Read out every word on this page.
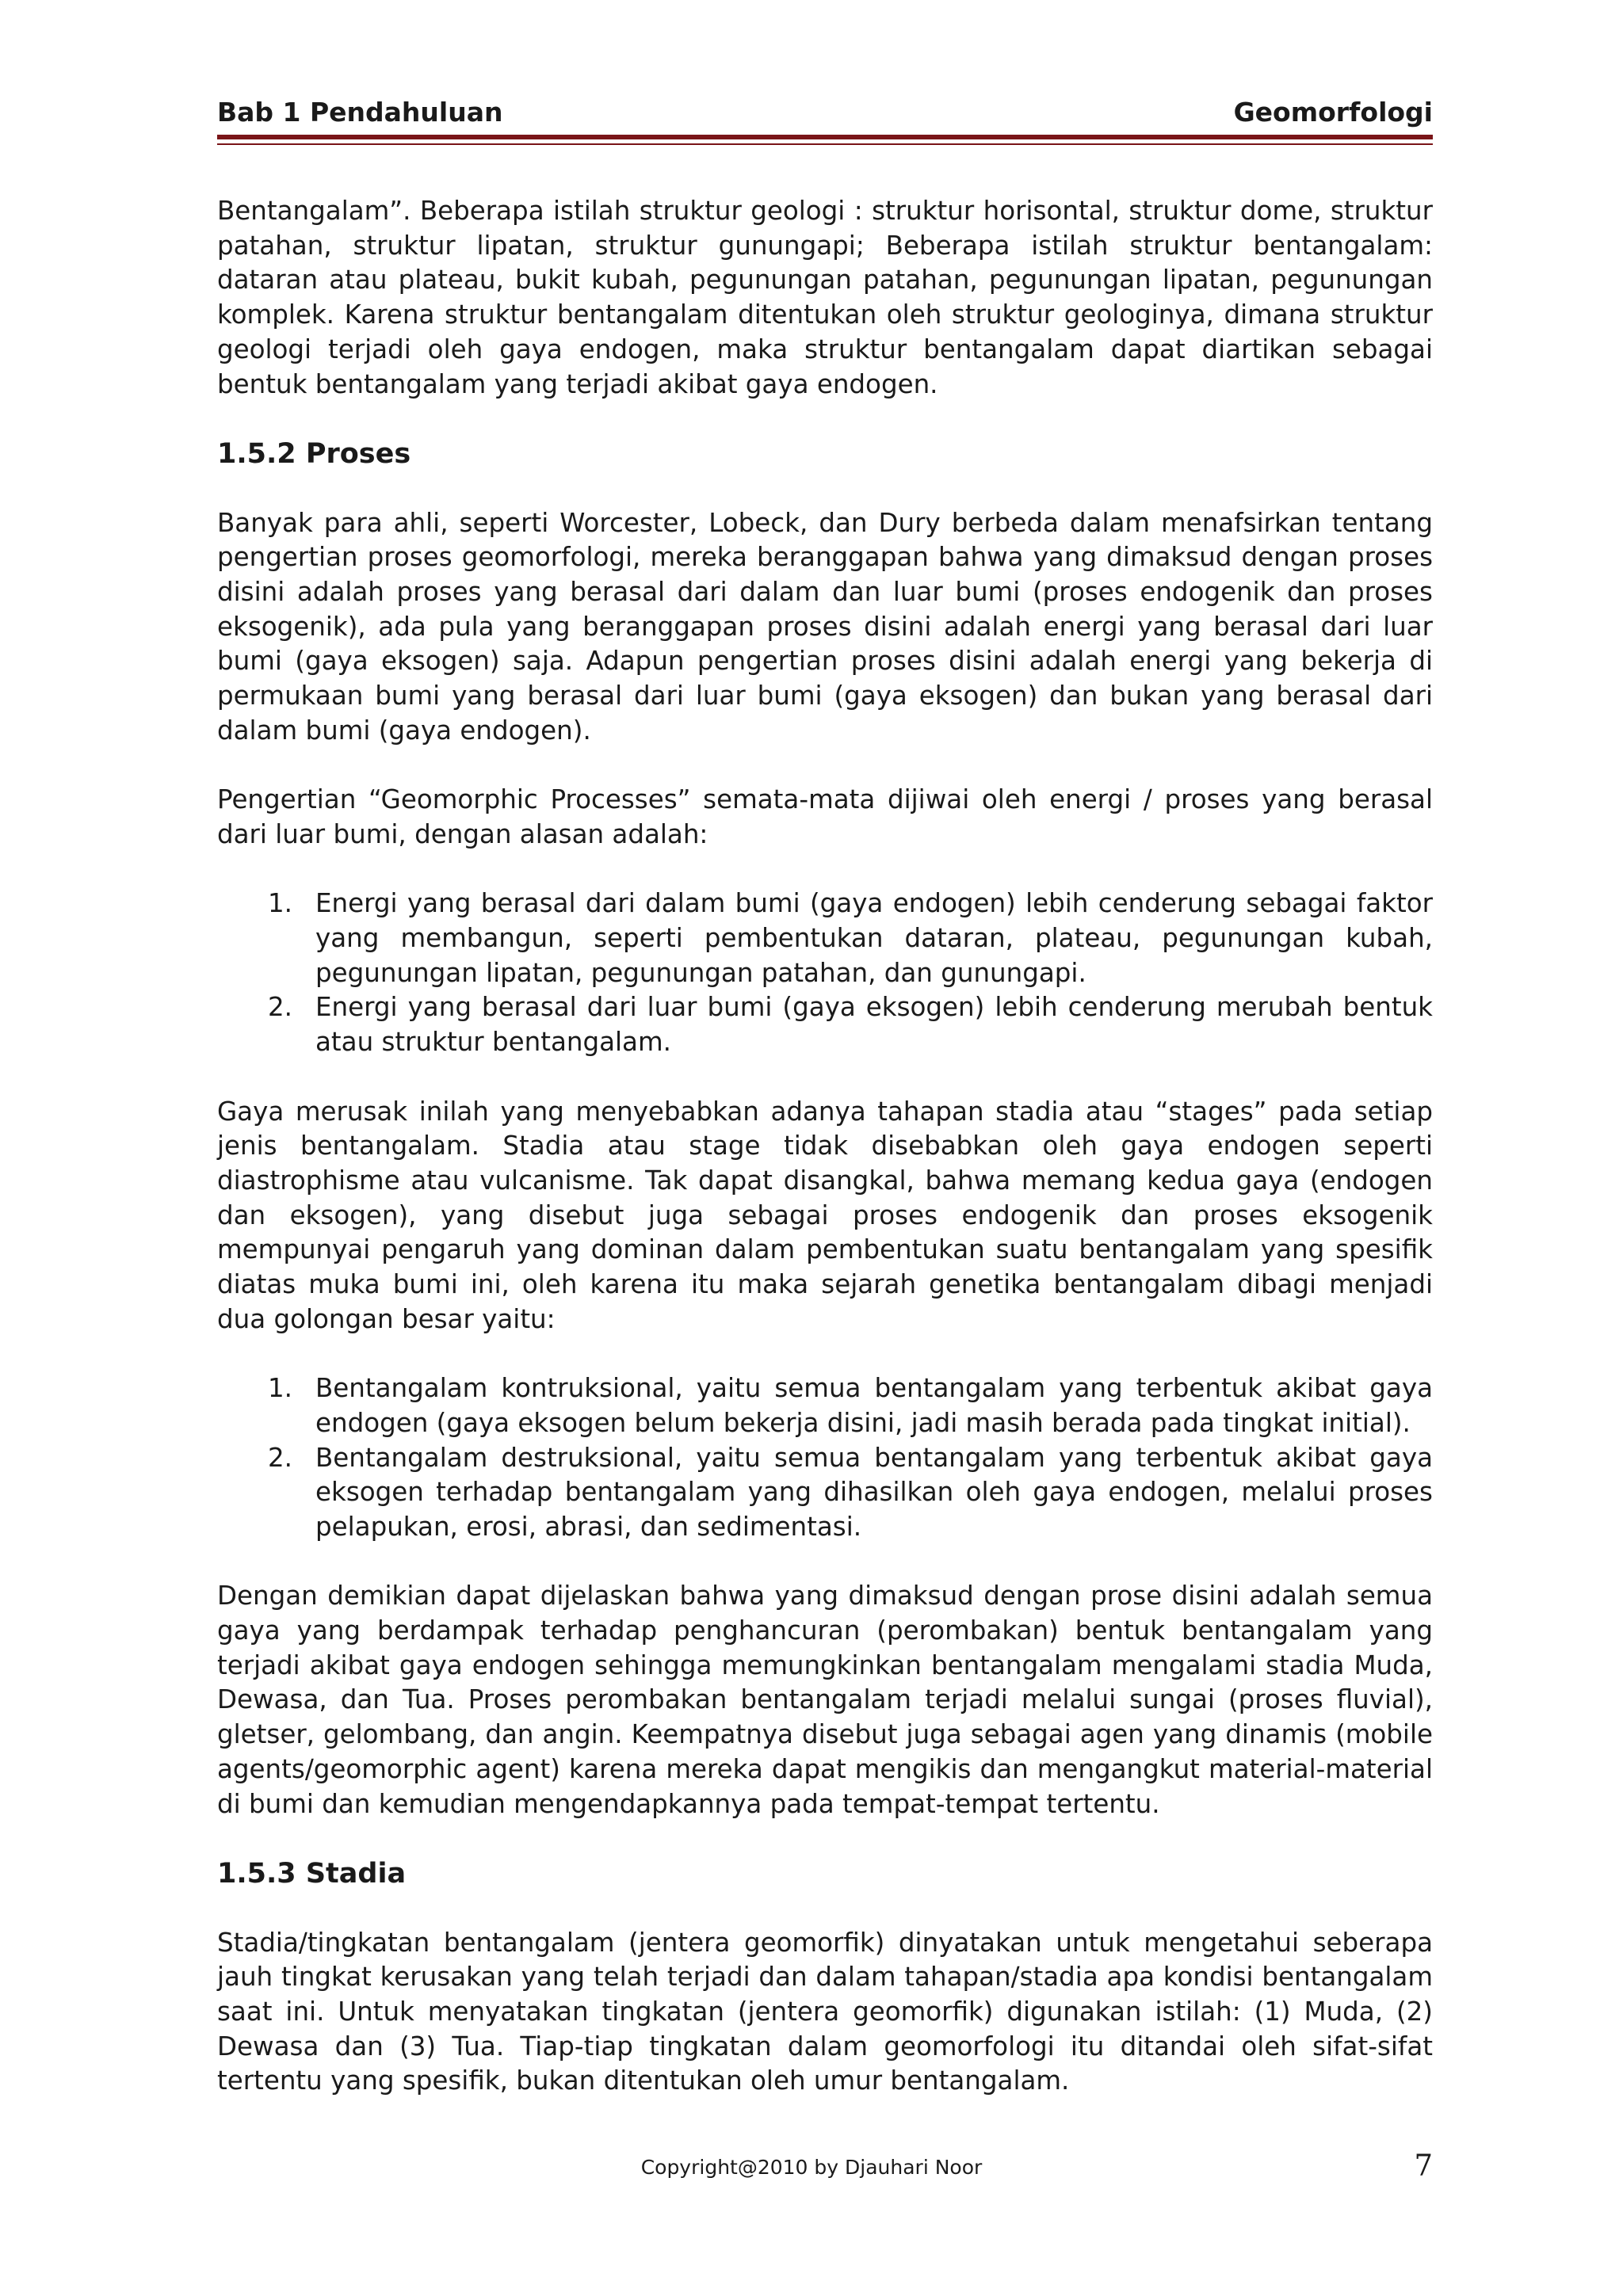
Bab 1 Pendahuluan	Geomorfologi

Bentangalam”. Beberapa istilah struktur geologi : struktur horisontal, struktur dome, struktur patahan, struktur lipatan, struktur gunungapi; Beberapa istilah struktur bentangalam: dataran atau plateau, bukit kubah, pegunungan patahan, pegunungan lipatan, pegunungan komplek. Karena struktur bentangalam ditentukan oleh struktur geologinya, dimana struktur geologi terjadi oleh gaya endogen, maka struktur bentangalam dapat diartikan sebagai bentuk bentangalam yang terjadi akibat gaya endogen.

1.5.2 Proses

Banyak para ahli, seperti Worcester, Lobeck, dan Dury berbeda dalam menafsirkan tentang pengertian proses geomorfologi, mereka beranggapan bahwa yang dimaksud dengan proses disini adalah proses yang berasal dari dalam dan luar bumi (proses endogenik dan proses eksogenik), ada pula yang beranggapan proses disini adalah energi yang berasal dari luar bumi (gaya eksogen) saja. Adapun pengertian proses disini adalah energi yang bekerja di permukaan bumi yang berasal dari luar bumi (gaya eksogen) dan bukan yang berasal dari dalam bumi (gaya endogen).

Pengertian “Geomorphic Processes” semata-mata dijiwai oleh energi / proses yang berasal dari luar bumi, dengan alasan adalah:

1. Energi yang berasal dari dalam bumi (gaya endogen) lebih cenderung sebagai faktor yang membangun, seperti pembentukan dataran, plateau, pegunungan kubah, pegunungan lipatan, pegunungan patahan, dan gunungapi.
2. Energi yang berasal dari luar bumi (gaya eksogen) lebih cenderung merubah bentuk atau struktur bentangalam.

Gaya merusak inilah yang menyebabkan adanya tahapan stadia atau “stages” pada setiap jenis bentangalam. Stadia atau stage tidak disebabkan oleh gaya endogen seperti diastrophisme atau vulcanisme. Tak dapat disangkal, bahwa memang kedua gaya (endogen dan eksogen), yang disebut juga sebagai proses endogenik dan proses eksogenik mempunyai pengaruh yang dominan dalam pembentukan suatu bentangalam yang spesifik diatas muka bumi ini, oleh karena itu maka sejarah genetika bentangalam dibagi menjadi dua golongan besar yaitu:

1. Bentangalam kontruksional, yaitu semua bentangalam yang terbentuk akibat gaya endogen (gaya eksogen belum bekerja disini, jadi masih berada pada tingkat initial).
2. Bentangalam destruksional, yaitu semua bentangalam yang terbentuk akibat gaya eksogen terhadap bentangalam yang dihasilkan oleh gaya endogen, melalui proses pelapukan, erosi, abrasi, dan sedimentasi.

Dengan demikian dapat dijelaskan bahwa yang dimaksud dengan prose disini adalah semua gaya yang berdampak terhadap penghancuran (perombakan) bentuk bentangalam yang terjadi akibat gaya endogen sehingga memungkinkan bentangalam mengalami stadia Muda, Dewasa, dan Tua. Proses perombakan bentangalam terjadi melalui sungai (proses fluvial), gletser, gelombang, dan angin. Keempatnya disebut juga sebagai agen yang dinamis (mobile agents/geomorphic agent) karena mereka dapat mengikis dan mengangkut material-material di bumi dan kemudian mengendapkannya pada tempat-tempat tertentu.

1.5.3 Stadia

Stadia/tingkatan bentangalam (jentera geomorfik) dinyatakan untuk mengetahui seberapa jauh tingkat kerusakan yang telah terjadi dan dalam tahapan/stadia apa kondisi bentangalam saat ini. Untuk menyatakan tingkatan (jentera geomorfik) digunakan istilah: (1) Muda, (2) Dewasa dan (3) Tua. Tiap-tiap tingkatan dalam geomorfologi itu ditandai oleh sifat-sifat tertentu yang spesifik, bukan ditentukan oleh umur bentangalam.

Copyright@2010 by Djauhari Noor	7
